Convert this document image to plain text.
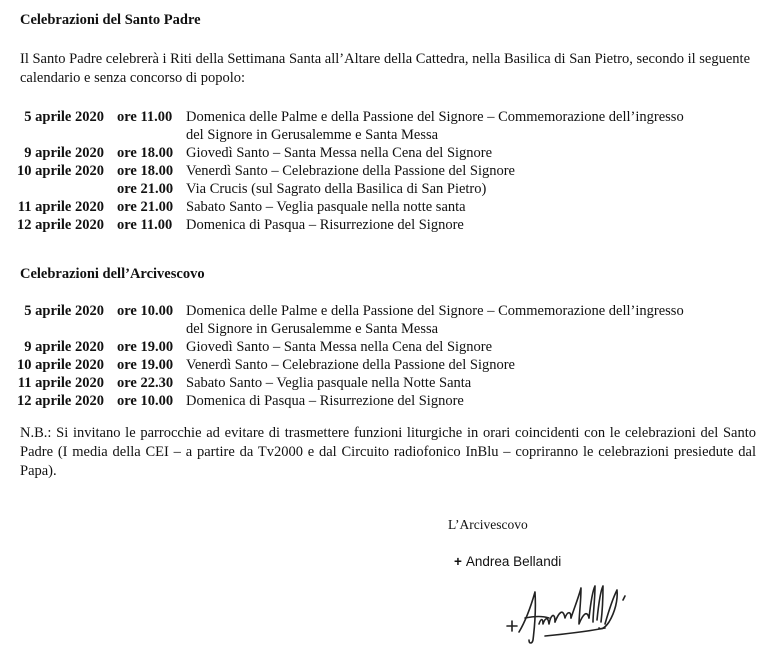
Celebrazioni del Santo Padre
Il Santo Padre celebrerà i Riti della Settimana Santa all’Altare della Cattedra, nella Basilica di San Pietro, secondo il seguente calendario e senza concorso di popolo:
5 aprile 2020 ore 11.00 Domenica delle Palme e della Passione del Signore – Commemorazione dell’ingresso
del Signore in Gerusalemme e Santa Messa
9 aprile 2020 ore 18.00 Giovedì Santo – Santa Messa nella Cena del Signore
10 aprile 2020 ore 18.00 Venerdì Santo – Celebrazione della Passione del Signore
ore 21.00 Via Crucis (sul Sagrato della Basilica di San Pietro)
11 aprile 2020 ore 21.00 Sabato Santo – Veglia pasquale nella notte santa
12 aprile 2020 ore 11.00 Domenica di Pasqua – Risurrezione del Signore
Celebrazioni dell’Arcivescovo
5 aprile 2020 ore 10.00 Domenica delle Palme e della Passione del Signore – Commemorazione dell’ingresso
del Signore in Gerusalemme e Santa Messa
9 aprile 2020 ore 19.00 Giovedì Santo – Santa Messa nella Cena del Signore
10 aprile 2020 ore 19.00 Venerdì Santo – Celebrazione della Passione del Signore
11 aprile 2020 ore 22.30 Sabato Santo – Veglia pasquale nella Notte Santa
12 aprile 2020 ore 10.00 Domenica di Pasqua – Risurrezione del Signore
N.B.: Si invitano le parrocchie ad evitare di trasmettere funzioni liturgiche in orari coincidenti con le celebrazioni del Santo Padre (I media della CEI – a partire da Tv2000 e dal Circuito radiofonico InBlu – copriranno le celebrazioni presiedute dal Papa).
L’Arcivescovo
+ Andrea Bellandi
